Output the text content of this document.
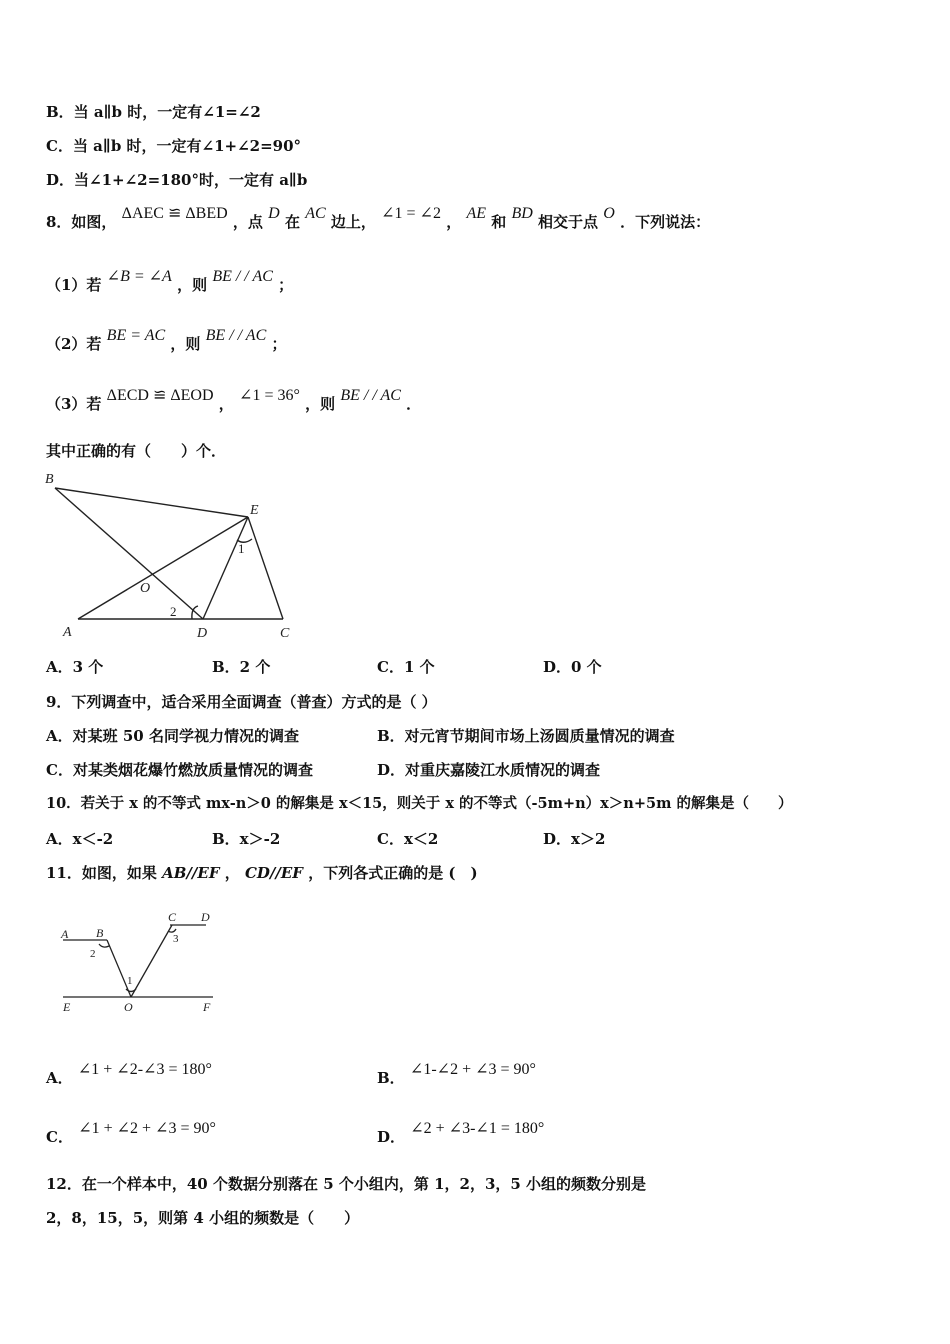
B．当 a∥b 时，一定有∠1=∠2
C．当 a∥b 时，一定有∠1+∠2=90°
D．当∠1+∠2=180°时，一定有 a∥b
8．如图， ΔAEC ≌ ΔBED ，点 D 在 AC 边上， ∠1 = ∠2 ， AE 和 BD 相交于点 O ．下列说法：
（1）若 ∠B = ∠A ，则 BE / / AC ；
（2）若 BE = AC ，则 BE / / AC ；
（3）若 ΔECD ≌ ΔEOD ， ∠1 = 36° ，则 BE / / AC ．
其中正确的有（　　）个．
B
E
O
A	D	C
1
2
A．3 个	B．2 个	C．1 个	D．0 个
9．下列调查中，适合采用全面调查（普查）方式的是（ ）
A．对某班 50 名同学视力情况的调查	B．对元宵节期间市场上汤圆质量情况的调查
C．对某类烟花爆竹燃放质量情况的调查	D．对重庆嘉陵江水质情况的调查
10．若关于 x 的不等式 mx-n＞0 的解集是 x＜15，则关于 x 的不等式（-5m+n）x＞n+5m 的解集是（　　）
A．x＜-2	B．x＞-2	C．x＜2	D．x＞2
11．如图，如果 AB//EF ， CD//EF ，下列各式正确的是 (　)
A B
C D
E	O	F
1
2
3
A． ∠1 + ∠2-∠3 = 180°	B． ∠1-∠2 + ∠3 = 90°
C． ∠1 + ∠2 + ∠3 = 90°	D． ∠2 + ∠3-∠1 = 180°
12．在一个样本中，40 个数据分别落在 5 个小组内，第 1，2，3，5 小组的频数分别是
2，8，15，5，则第 4 小组的频数是（　　）
